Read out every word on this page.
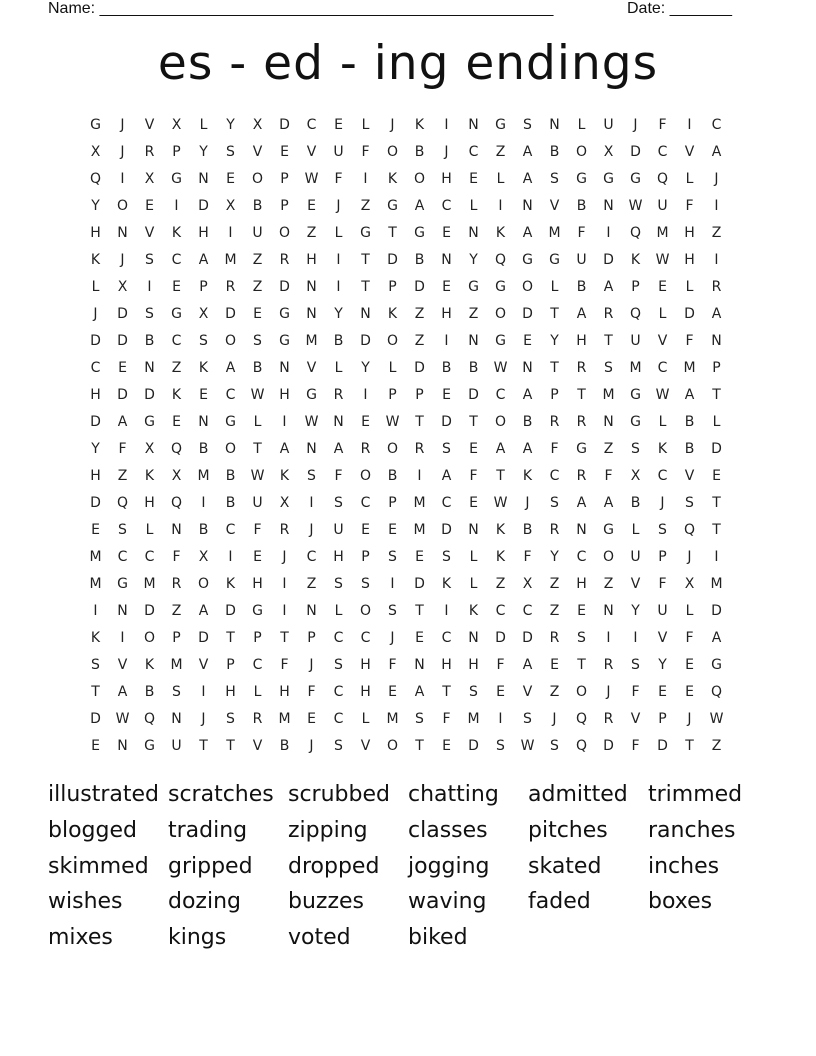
Name: ___________________________________________________	Date: _______
es - ed - ing endings
G	J	V	X	L	Y	X	D	C	E	L	J	K	I	N	G	S	N	L	U	J	F	I	C
X	J	R	P	Y	S	V	E	V	U	F	O	B	J	C	Z	A	B	O	X	D	C	V	A
Q	I	X	G	N	E	O	P	W	F	I	K	O	H	E	L	A	S	G	G	G	Q	L	J
Y	O	E	I	D	X	B	P	E	J	Z	G	A	C	L	I	N	V	B	N	W	U	F	I
H	N	V	K	H	I	U	O	Z	L	G	T	G	E	N	K	A	M	F	I	Q	M	H	Z
K	J	S	C	A	M	Z	R	H	I	T	D	B	N	Y	Q	G	G	U	D	K	W	H	I
L	X	I	E	P	R	Z	D	N	I	T	P	D	E	G	G	O	L	B	A	P	E	L	R
J	D	S	G	X	D	E	G	N	Y	N	K	Z	H	Z	O	D	T	A	R	Q	L	D	A
D	D	B	C	S	O	S	G	M	B	D	O	Z	I	N	G	E	Y	H	T	U	V	F	N
C	E	N	Z	K	A	B	N	V	L	Y	L	D	B	B	W	N	T	R	S	M	C	M	P
H	D	D	K	E	C	W	H	G	R	I	P	P	E	D	C	A	P	T	M	G	W	A	T
D	A	G	E	N	G	L	I	W	N	E	W	T	D	T	O	B	R	R	N	G	L	B	L
Y	F	X	Q	B	O	T	A	N	A	R	O	R	S	E	A	A	F	G	Z	S	K	B	D
H	Z	K	X	M	B	W	K	S	F	O	B	I	A	F	T	K	C	R	F	X	C	V	E
D	Q	H	Q	I	B	U	X	I	S	C	P	M	C	E	W	J	S	A	A	B	J	S	T
E	S	L	N	B	C	F	R	J	U	E	E	M	D	N	K	B	R	N	G	L	S	Q	T
M	C	C	F	X	I	E	J	C	H	P	S	E	S	L	K	F	Y	C	O	U	P	J	I
M	G	M	R	O	K	H	I	Z	S	S	I	D	K	L	Z	X	Z	H	Z	V	F	X	M
I	N	D	Z	A	D	G	I	N	L	O	S	T	I	K	C	C	Z	E	N	Y	U	L	D
K	I	O	P	D	T	P	T	P	C	C	J	E	C	N	D	D	R	S	I	I	V	F	A
S	V	K	M	V	P	C	F	J	S	H	F	N	H	H	F	A	E	T	R	S	Y	E	G
T	A	B	S	I	H	L	H	F	C	H	E	A	T	S	E	V	Z	O	J	F	E	E	Q
D	W	Q	N	J	S	R	M	E	C	L	M	S	F	M	I	S	J	Q	R	V	P	J	W
E	N	G	U	T	T	V	B	J	S	V	O	T	E	D	S	W	S	Q	D	F	D	T	Z
illustrated scratches scrubbed chatting	admitted trimmed
blogged	trading	zipping	classes	pitches	ranches
skimmed gripped	dropped	jogging	skated	inches
wishes	dozing	buzzes	waving	faded	boxes
mixes	kings	voted	biked
